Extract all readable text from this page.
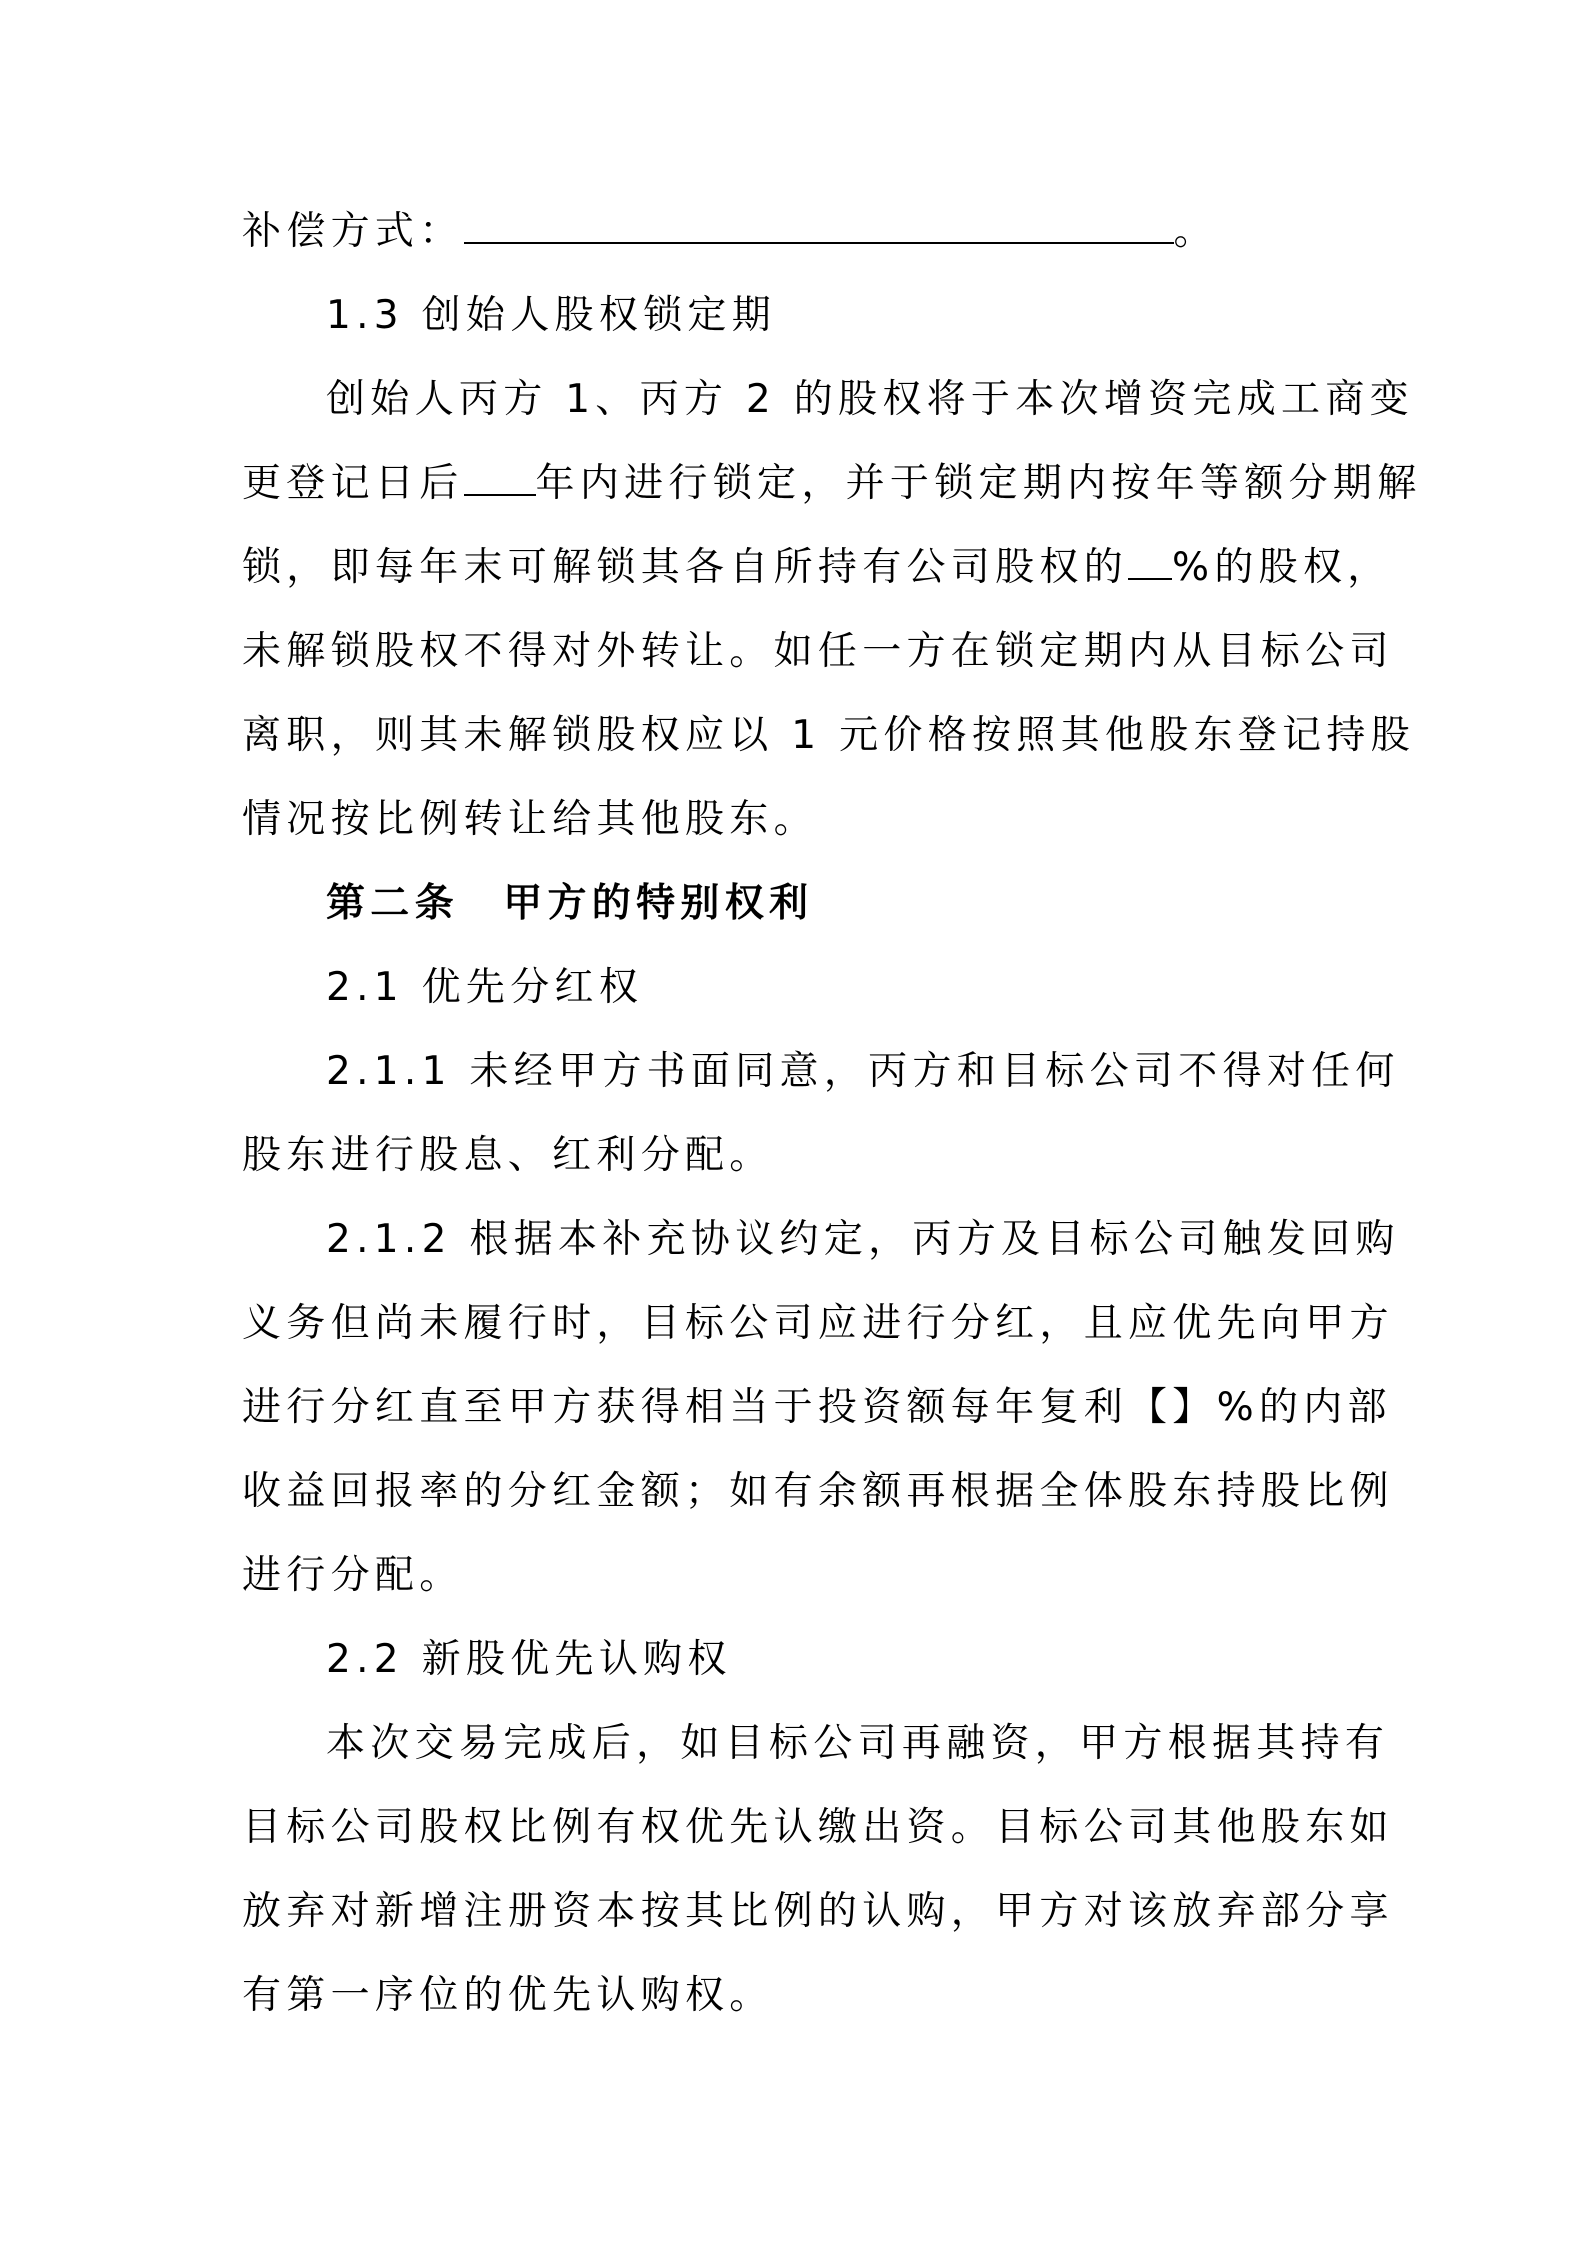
补偿方式：	。
1.3 创始人股权锁定期
创始人丙方 1、丙方 2 的股权将于本次增资完成工商变
更登记日后 年内进行锁定，并于锁定期内按年等额分期解
锁，即每年末可解锁其各自所持有公司股权的 %的股权，
未解锁股权不得对外转让。如任一方在锁定期内从目标公司
离职，则其未解锁股权应以 1 元价格按照其他股东登记持股
情况按比例转让给其他股东。
第二条　甲方的特别权利
2.1 优先分红权
2.1.1 未经甲方书面同意，丙方和目标公司不得对任何
股东进行股息、红利分配。
2.1.2 根据本补充协议约定，丙方及目标公司触发回购
义务但尚未履行时，目标公司应进行分红，且应优先向甲方
进行分红直至甲方获得相当于投资额每年复利【】%的内部
收益回报率的分红金额；如有余额再根据全体股东持股比例
进行分配。
2.2 新股优先认购权
本次交易完成后，如目标公司再融资，甲方根据其持有
目标公司股权比例有权优先认缴出资。目标公司其他股东如
放弃对新增注册资本按其比例的认购，甲方对该放弃部分享
有第一序位的优先认购权。
